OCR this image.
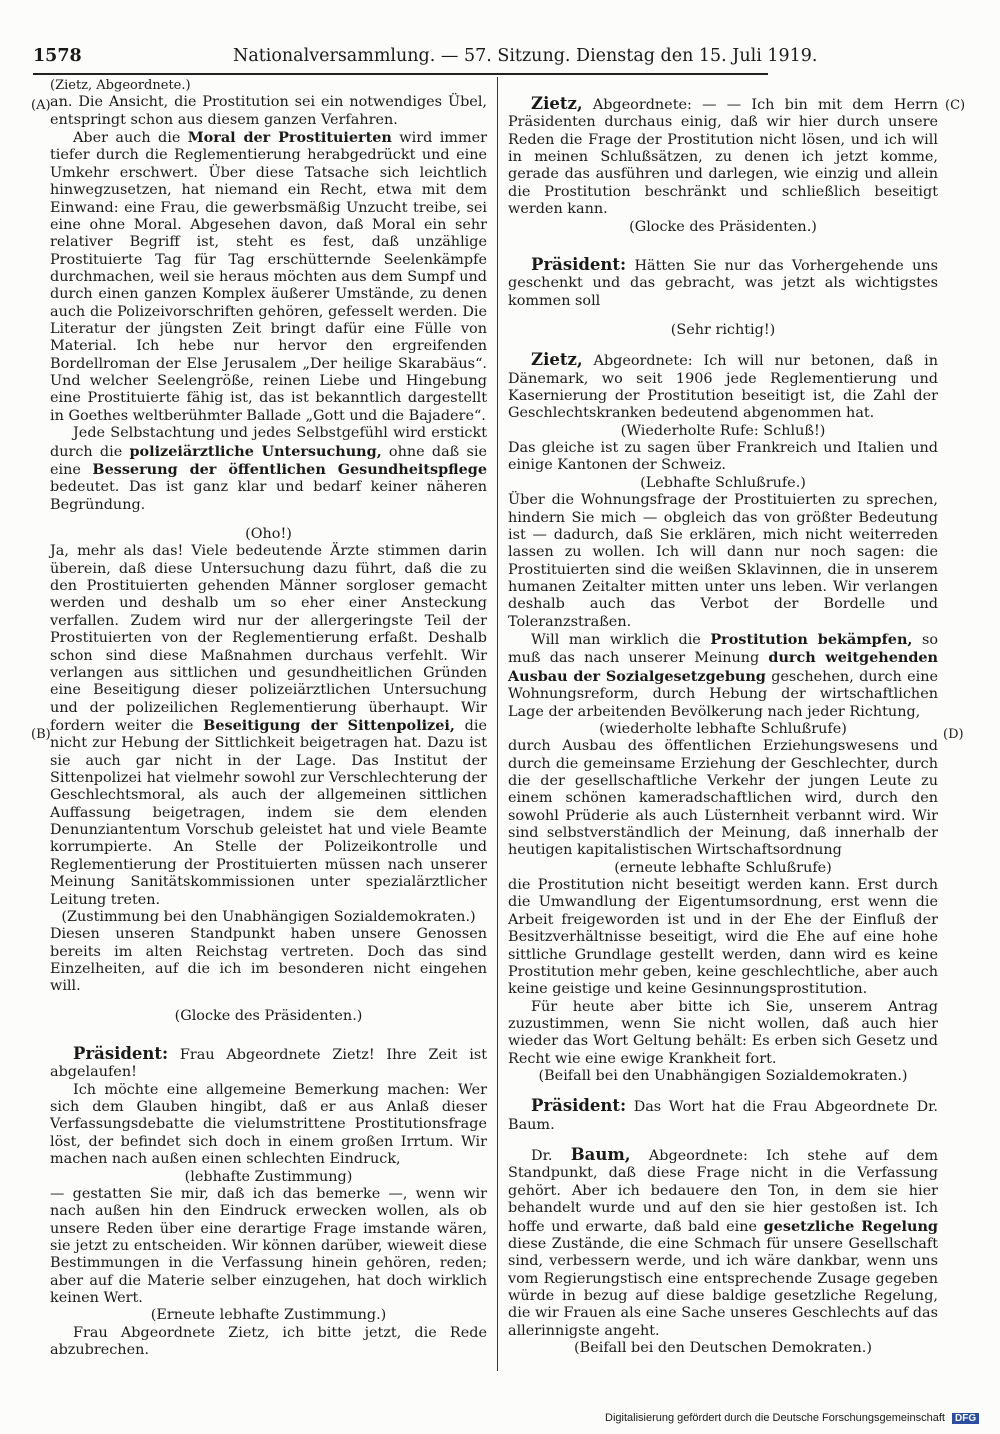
1578	Nationalversammlung. — 57. Sitzung. Dienstag den 15. Juli 1919.
(A)
(B)
(C)
(D)

(Zietz, Abgeordnete.)

an. Die Ansicht, die Prostitution sei ein notwendiges Übel, entspringt schon aus diesem ganzen Verfahren.

Aber auch die Moral der Prostituierten wird immer tiefer durch die Reglementierung herabgedrückt und eine Umkehr erschwert. Über diese Tatsache sich leichtlich hinwegzusetzen, hat niemand ein Recht, etwa mit dem Einwand: eine Frau, die gewerbsmäßig Unzucht treibe, sei eine ohne Moral. Abgesehen davon, daß Moral ein sehr relativer Begriff ist, steht es fest, daß unzählige Prostituierte Tag für Tag erschütternde Seelenkämpfe durchmachen, weil sie heraus möchten aus dem Sumpf und durch einen ganzen Komplex äußerer Umstände, zu denen auch die Polizeivorschriften gehören, gefesselt werden. Die Literatur der jüngsten Zeit bringt dafür eine Fülle von Material. Ich hebe nur hervor den ergreifenden Bordellroman der Else Jerusalem „Der heilige Skarabäus“. Und welcher Seelengröße, reinen Liebe und Hingebung eine Prostituierte fähig ist, das ist bekanntlich dargestellt in Goethes weltberühmter Ballade „Gott und die Bajadere“.

Jede Selbstachtung und jedes Selbstgefühl wird erstickt durch die polizeiärztliche Untersuchung, ohne daß sie eine Besserung der öffentlichen Gesundheitspflege bedeutet. Das ist ganz klar und bedarf keiner näheren Begründung.

(Oho!)

Ja, mehr als das! Viele bedeutende Ärzte stimmen darin überein, daß diese Untersuchung dazu führt, daß die zu den Prostituierten gehenden Männer sorgloser gemacht werden und deshalb um so eher einer Ansteckung verfallen. Zudem wird nur der allergeringste Teil der Prostituierten von der Reglementierung erfaßt. Deshalb schon sind diese Maßnahmen durchaus verfehlt. Wir verlangen aus sittlichen und gesundheitlichen Gründen eine Beseitigung dieser polizeiärztlichen Untersuchung und der polizeilichen Reglementierung überhaupt. Wir fordern weiter die Beseitigung der Sittenpolizei, die nicht zur Hebung der Sittlichkeit beigetragen hat. Dazu ist sie auch gar nicht in der Lage. Das Institut der Sittenpolizei hat vielmehr sowohl zur Verschlechterung der Geschlechtsmoral, als auch der allgemeinen sittlichen Auffassung beigetragen, indem sie dem elenden Denunziantentum Vorschub geleistet hat und viele Beamte korrumpierte. An Stelle der Polizeikontrolle und Reglementierung der Prostituierten müssen nach unserer Meinung Sanitätskommissionen unter spezialärztlicher Leitung treten.

(Zustimmung bei den Unabhängigen Sozialdemokraten.)

Diesen unseren Standpunkt haben unsere Genossen bereits im alten Reichstag vertreten. Doch das sind Einzelheiten, auf die ich im besonderen nicht eingehen will.

(Glocke des Präsidenten.)

Präsident: Frau Abgeordnete Zietz! Ihre Zeit ist abgelaufen!

Ich möchte eine allgemeine Bemerkung machen: Wer sich dem Glauben hingibt, daß er aus Anlaß dieser Verfassungsdebatte die vielumstrittene Prostitutionsfrage löst, der befindet sich doch in einem großen Irrtum. Wir machen nach außen einen schlechten Eindruck,

(lebhafte Zustimmung)

— gestatten Sie mir, daß ich das bemerke —, wenn wir nach außen hin den Eindruck erwecken wollen, als ob unsere Reden über eine derartige Frage imstande wären, sie jetzt zu entscheiden. Wir können darüber, wieweit diese Bestimmungen in die Verfassung hinein gehören, reden; aber auf die Materie selber einzugehen, hat doch wirklich keinen Wert.

(Erneute lebhafte Zustimmung.)

Frau Abgeordnete Zietz, ich bitte jetzt, die Rede abzubrechen.

Zietz, Abgeordnete: — — Ich bin mit dem Herrn Präsidenten durchaus einig, daß wir hier durch unsere Reden die Frage der Prostitution nicht lösen, und ich will in meinen Schlußsätzen, zu denen ich jetzt komme, gerade das ausführen und darlegen, wie einzig und allein die Prostitution beschränkt und schließlich beseitigt werden kann.

(Glocke des Präsidenten.)

Präsident: Hätten Sie nur das Vorhergehende uns geschenkt und das gebracht, was jetzt als wichtigstes kommen soll

(Sehr richtig!)

Zietz, Abgeordnete: Ich will nur betonen, daß in Dänemark, wo seit 1906 jede Reglementierung und Kasernierung der Prostitution beseitigt ist, die Zahl der Geschlechtskranken bedeutend abgenommen hat.

(Wiederholte Rufe: Schluß!)

Das gleiche ist zu sagen über Frankreich und Italien und einige Kantonen der Schweiz.

(Lebhafte Schlußrufe.)

Über die Wohnungsfrage der Prostituierten zu sprechen, hindern Sie mich — obgleich das von größter Bedeutung ist — dadurch, daß Sie erklären, mich nicht weiterreden lassen zu wollen. Ich will dann nur noch sagen: die Prostituierten sind die weißen Sklavinnen, die in unserem humanen Zeitalter mitten unter uns leben. Wir verlangen deshalb auch das Verbot der Bordelle und Toleranzstraßen.

Will man wirklich die Prostitution bekämpfen, so muß das nach unserer Meinung durch weitgehenden Ausbau der Sozialgesetzgebung geschehen, durch eine Wohnungsreform, durch Hebung der wirtschaftlichen Lage der arbeitenden Bevölkerung nach jeder Richtung,

(wiederholte lebhafte Schlußrufe)

durch Ausbau des öffentlichen Erziehungswesens und durch die gemeinsame Erziehung der Geschlechter, durch die der gesellschaftliche Verkehr der jungen Leute zu einem schönen kameradschaftlichen wird, durch den sowohl Prüderie als auch Lüsternheit verbannt wird. Wir sind selbstverständlich der Meinung, daß innerhalb der heutigen kapitalistischen Wirtschaftsordnung

(erneute lebhafte Schlußrufe)

die Prostitution nicht beseitigt werden kann. Erst durch die Umwandlung der Eigentumsordnung, erst wenn die Arbeit freigeworden ist und in der Ehe der Einfluß der Besitzverhältnisse beseitigt, wird die Ehe auf eine hohe sittliche Grundlage gestellt werden, dann wird es keine Prostitution mehr geben, keine geschlechtliche, aber auch keine geistige und keine Gesinnungsprostitution.

Für heute aber bitte ich Sie, unserem Antrag zuzustimmen, wenn Sie nicht wollen, daß auch hier wieder das Wort Geltung behält: Es erben sich Gesetz und Recht wie eine ewige Krankheit fort.

(Beifall bei den Unabhängigen Sozialdemokraten.)

Präsident: Das Wort hat die Frau Abgeordnete Dr. Baum.

Dr. Baum, Abgeordnete: Ich stehe auf dem Standpunkt, daß diese Frage nicht in die Verfassung gehört. Aber ich bedauere den Ton, in dem sie hier behandelt wurde und auf den sie hier gestoßen ist. Ich hoffe und erwarte, daß bald eine gesetzliche Regelung diese Zustände, die eine Schmach für unsere Gesellschaft sind, verbessern werde, und ich wäre dankbar, wenn uns vom Regierungstisch eine entsprechende Zusage gegeben würde in bezug auf diese baldige gesetzliche Regelung, die wir Frauen als eine Sache unseres Geschlechts auf das allerinnigste angeht.

(Beifall bei den Deutschen Demokraten.)

Digitalisierung gefördert durch die Deutsche Forschungsgemeinschaft DFG
